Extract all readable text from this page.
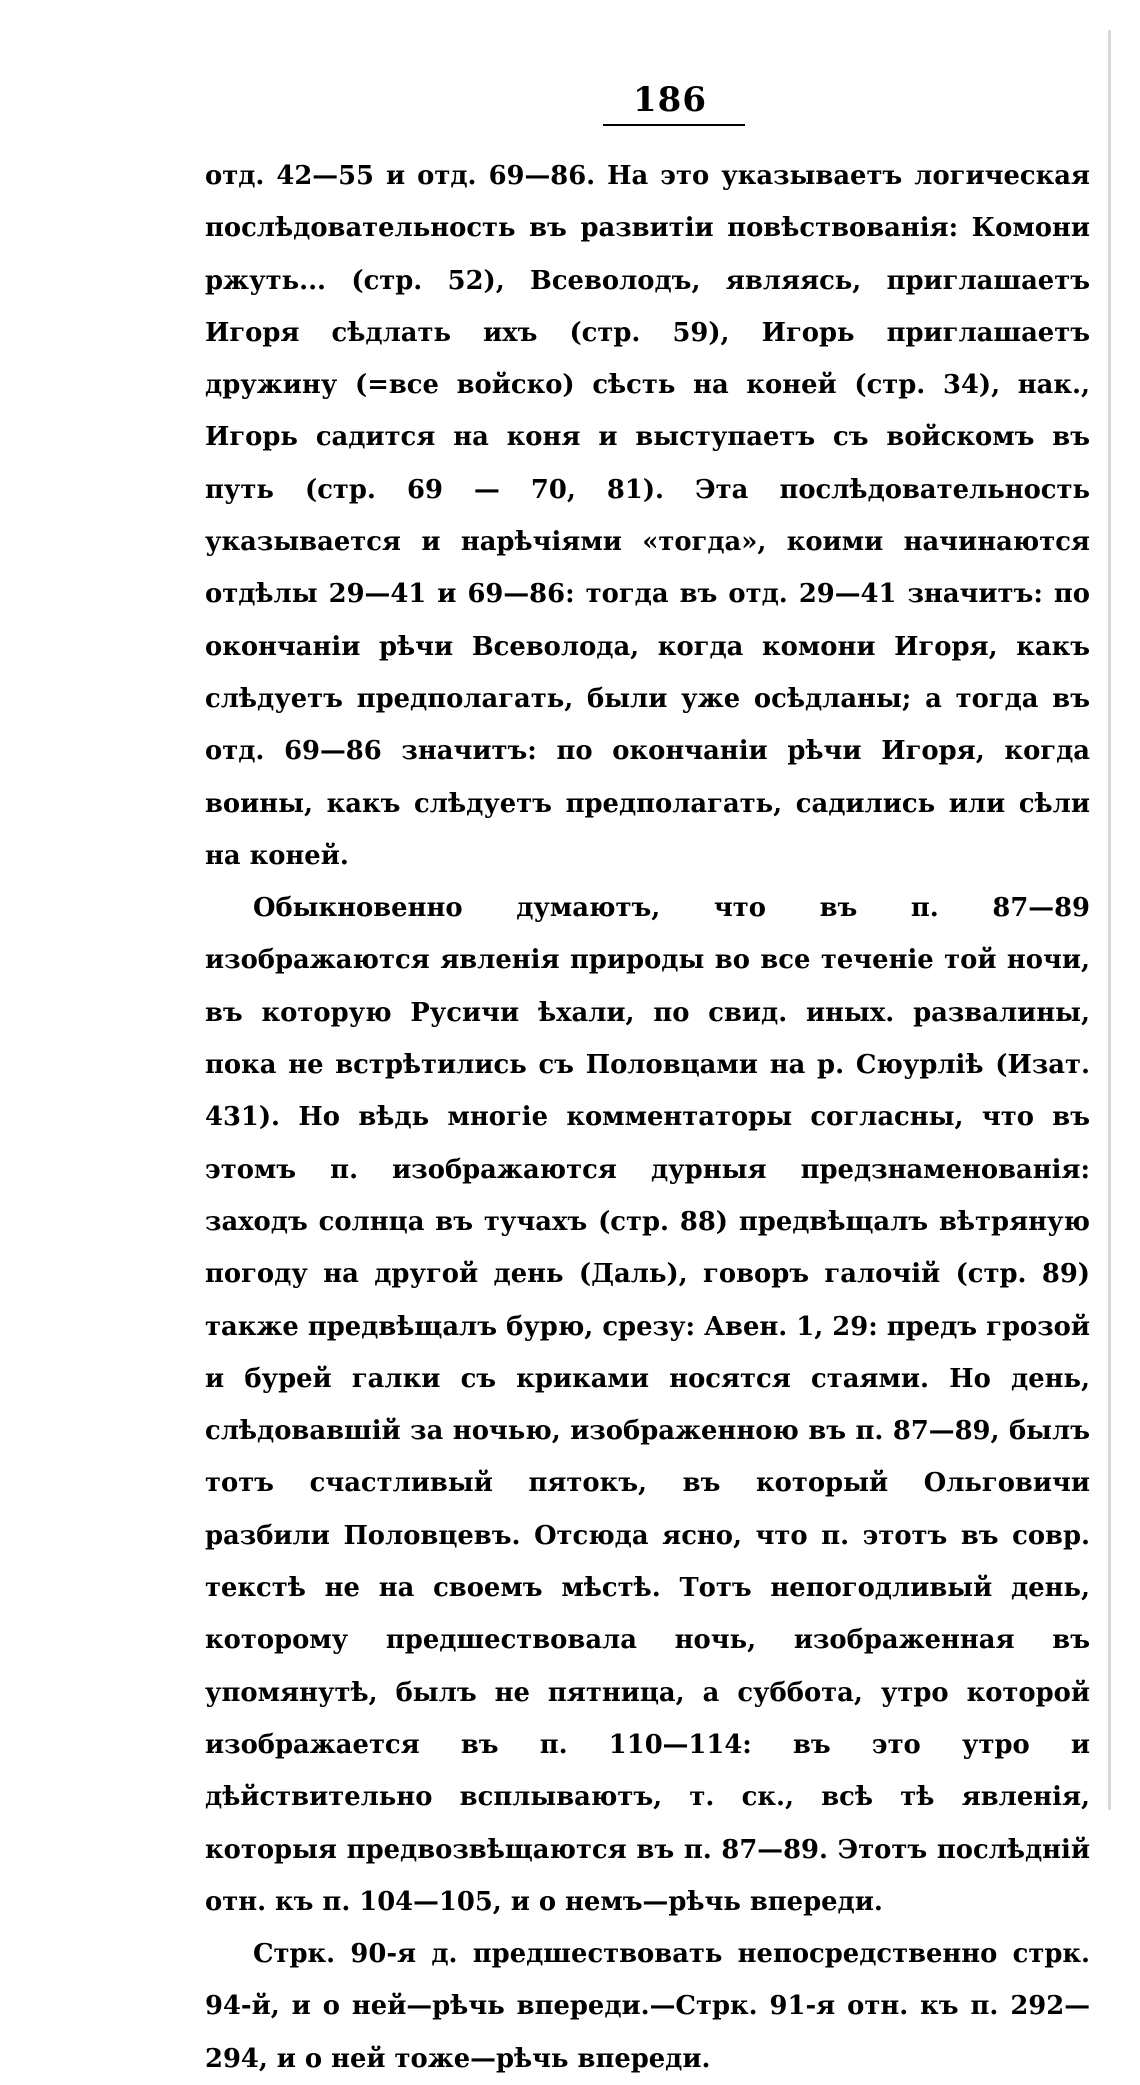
186

отд. 42—55 и отд. 69—86. На это указываетъ логическая послѣдовательность въ развитіи повѣствованія: Комони ржуть... (стр. 52), Всеволодъ, являясь, приглашаетъ Игоря сѣдлать ихъ (стр. 59), Игорь приглашаетъ дружину (=все войско) сѣсть на коней (стр. 34), нак., Игорь садится на коня и выступаетъ съ войскомъ въ путь (стр. 69 — 70, 81). Эта послѣдовательность указывается и нарѣчіями «тогда», коими начинаются отдѣлы 29—41 и 69—86: тогда въ отд. 29—41 значитъ: по окончаніи рѣчи Всеволода, когда комони Игоря, какъ слѣдуетъ предполагать, были уже осѣдланы; а тогда въ отд. 69—86 значитъ: по окончаніи рѣчи Игоря, когда воины, какъ слѣдуетъ предполагать, садились или сѣли на коней.

Обыкновенно думаютъ, что въ п. 87—89 изображаются явленія природы во все теченіе той ночи, въ которую Русичи ѣхали, по свид. иных. развалины, пока не встрѣтились съ Половцами на р. Сюурліѣ (Изат. 431). Но вѣдь многіе комментаторы согласны, что въ этомъ п. изображаются дурныя предзнаменованія: заходъ солнца въ тучахъ (стр. 88) предвѣщалъ вѣтряную погоду на другой день (Даль), говоръ галочій (стр. 89) также предвѣщалъ бурю, срезу: Авен. 1, 29: предъ грозой и бурей галки съ криками носятся стаями. Но день, слѣдовавшій за ночью, изображенною въ п. 87—89, былъ тотъ счастливый пятокъ, въ который Ольговичи разбили Половцевъ. Отсюда ясно, что п. этотъ въ совр. текстѣ не на своемъ мѣстѣ. Тотъ непогодливый день, которому предшествовала ночь, изображенная въ упомянутѣ, былъ не пятница, а суббота, утро которой изображается въ п. 110—114: въ это утро и дѣйствительно всплываютъ, т. ск., всѣ тѣ явленія, которыя предвозвѣщаются въ п. 87—89. Этотъ послѣдній отн. къ п. 104—105, и о немъ—рѣчь впереди.

Стрк. 90-я д. предшествовать непосредственно стрк. 94-й, и о ней—рѣчь впереди.—Стрк. 91-я отн. къ п. 292—294, и о ней тоже—рѣчь впереди.
